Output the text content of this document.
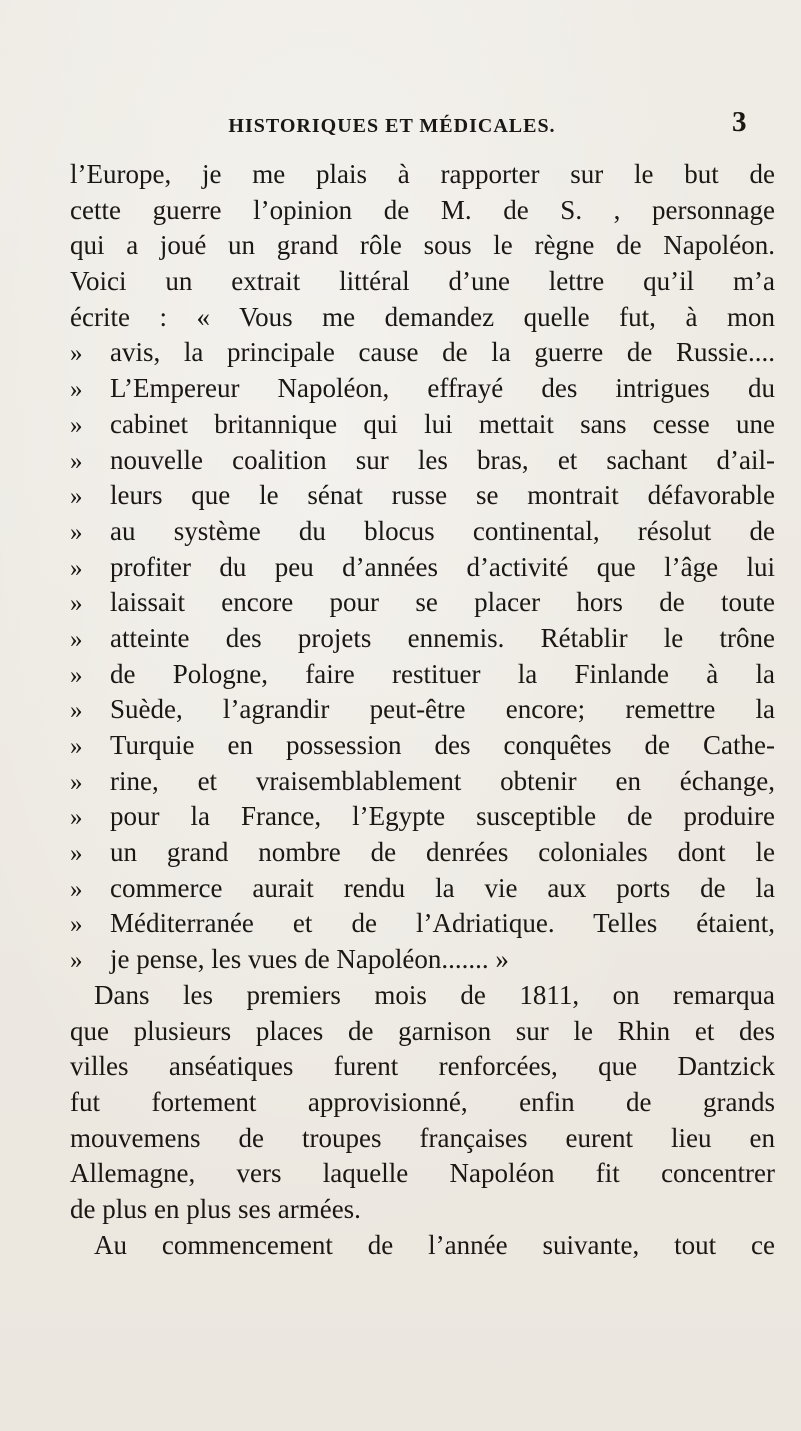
HISTORIQUES ET MÉDICALES.	3
l’Europe, je me plais à rapporter sur le but de
cette guerre l’opinion de M. de S. , personnage
qui a joué un grand rôle sous le règne de Napoléon.
Voici un extrait littéral d’une lettre qu’il m’a
écrite : « Vous me demandez quelle fut, à mon
»	avis, la principale cause de la guerre de Russie....
»	L’Empereur Napoléon, effrayé des intrigues du
»	cabinet britannique qui lui mettait sans cesse une
»	nouvelle coalition sur les bras, et sachant d’ail-
»	leurs que le sénat russe se montrait défavorable
»	au système du blocus continental, résolut de
»	profiter du peu d’années d’activité que l’âge lui
»	laissait encore pour se placer hors de toute
»	atteinte des projets ennemis. Rétablir le trône
»	de Pologne, faire restituer la Finlande à la
»	Suède, l’agrandir peut-être encore; remettre la
»	Turquie en possession des conquêtes de Cathe-
»	rine, et vraisemblablement obtenir en échange,
»	pour la France, l’Egypte susceptible de produire
»	un grand nombre de denrées coloniales dont le
»	commerce aurait rendu la vie aux ports de la
»	Méditerranée et de l’Adriatique. Telles étaient,
»	je pense, les vues de Napoléon....... »
Dans les premiers mois de 1811, on remarqua
que plusieurs places de garnison sur le Rhin et des
villes anséatiques furent renforcées, que Dantzick
fut fortement approvisionné, enfin de grands
mouvemens de troupes françaises eurent lieu en
Allemagne, vers laquelle Napoléon fit concentrer
de plus en plus ses armées.
Au commencement de l’année suivante, tout ce
